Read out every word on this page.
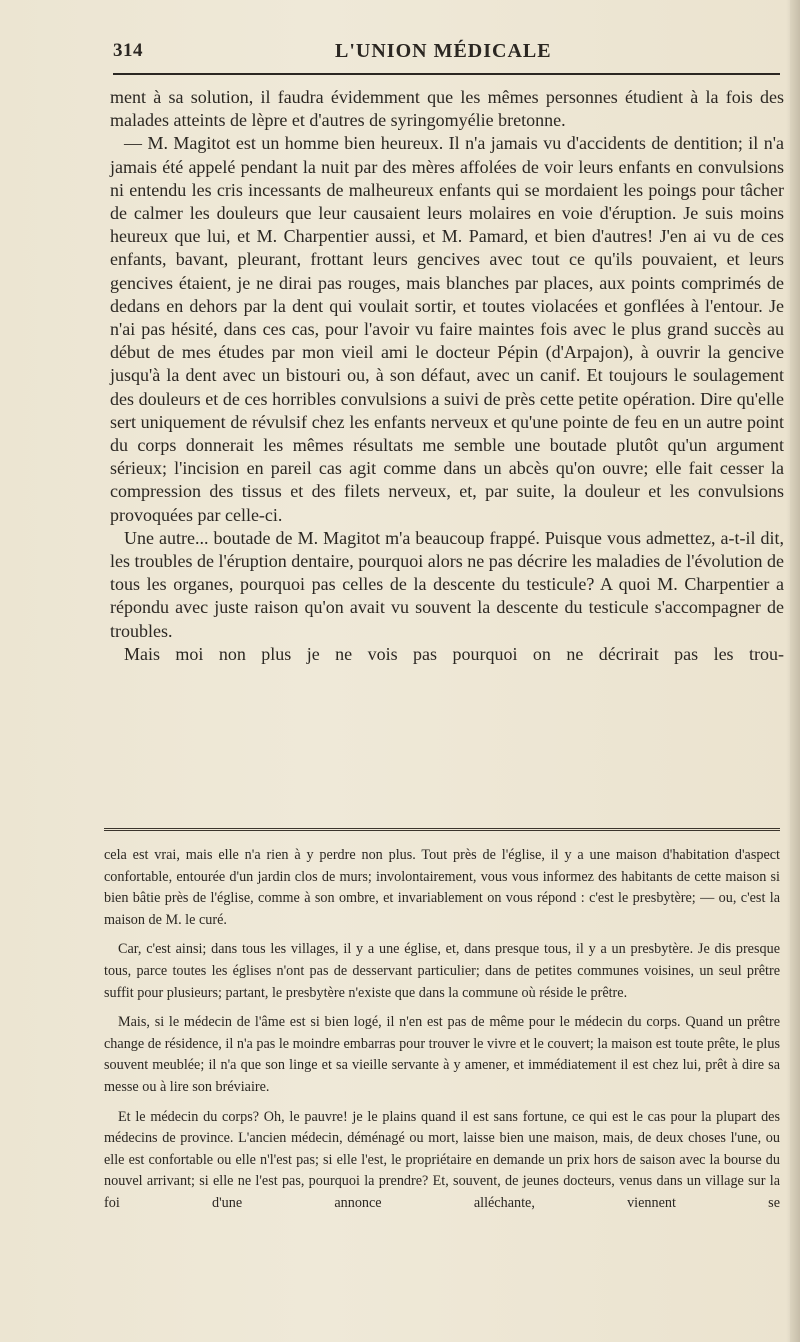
314	L'UNION MÉDICALE

ment à sa solution, il faudra évidemment que les mêmes personnes étudient à la fois des malades atteints de lèpre et d'autres de syringomyélie bretonne.

— M. Magitot est un homme bien heureux. Il n'a jamais vu d'accidents de dentition; il n'a jamais été appelé pendant la nuit par des mères affolées de voir leurs enfants en convulsions ni entendu les cris incessants de malheureux enfants qui se mordaient les poings pour tâcher de calmer les douleurs que leur causaient leurs molaires en voie d'éruption. Je suis moins heureux que lui, et M. Charpentier aussi, et M. Pamard, et bien d'autres! J'en ai vu de ces enfants, bavant, pleurant, frottant leurs gencives avec tout ce qu'ils pouvaient, et leurs gencives étaient, je ne dirai pas rouges, mais blanches par places, aux points comprimés de dedans en dehors par la dent qui voulait sortir, et toutes violacées et gonflées à l'entour. Je n'ai pas hésité, dans ces cas, pour l'avoir vu faire maintes fois avec le plus grand succès au début de mes études par mon vieil ami le docteur Pépin (d'Arpajon), à ouvrir la gencive jusqu'à la dent avec un bistouri ou, à son défaut, avec un canif. Et toujours le soulagement des douleurs et de ces horribles convulsions a suivi de près cette petite opération. Dire qu'elle sert uniquement de révulsif chez les enfants nerveux et qu'une pointe de feu en un autre point du corps donnerait les mêmes résultats me semble une boutade plutôt qu'un argument sérieux; l'incision en pareil cas agit comme dans un abcès qu'on ouvre; elle fait cesser la compression des tissus et des filets nerveux, et, par suite, la douleur et les convulsions provoquées par celle-ci.

Une autre... boutade de M. Magitot m'a beaucoup frappé. Puisque vous admettez, a-t-il dit, les troubles de l'éruption dentaire, pourquoi alors ne pas décrire les maladies de l'évolution de tous les organes, pourquoi pas celles de la descente du testicule? A quoi M. Charpentier a répondu avec juste raison qu'on avait vu souvent la descente du testicule s'accompagner de troubles.

Mais moi non plus je ne vois pas pourquoi on ne décrirait pas les trou-

cela est vrai, mais elle n'a rien à y perdre non plus. Tout près de l'église, il y a une maison d'habitation d'aspect confortable, entourée d'un jardin clos de murs; involontairement, vous vous informez des habitants de cette maison si bien bâtie près de l'église, comme à son ombre, et invariablement on vous répond : c'est le presbytère; — ou, c'est la maison de M. le curé.

Car, c'est ainsi; dans tous les villages, il y a une église, et, dans presque tous, il y a un presbytère. Je dis presque tous, parce toutes les églises n'ont pas de desservant particulier; dans de petites communes voisines, un seul prêtre suffit pour plusieurs; partant, le presbytère n'existe que dans la commune où réside le prêtre.

Mais, si le médecin de l'âme est si bien logé, il n'en est pas de même pour le médecin du corps. Quand un prêtre change de résidence, il n'a pas le moindre embarras pour trouver le vivre et le couvert; la maison est toute prête, le plus souvent meublée; il n'a que son linge et sa vieille servante à y amener, et immédiatement il est chez lui, prêt à dire sa messe ou à lire son bréviaire.

Et le médecin du corps? Oh, le pauvre! je le plains quand il est sans fortune, ce qui est le cas pour la plupart des médecins de province. L'ancien médecin, déménagé ou mort, laisse bien une maison, mais, de deux choses l'une, ou elle est confortable ou elle n'l'est pas; si elle l'est, le propriétaire en demande un prix hors de saison avec la bourse du nouvel arrivant; si elle ne l'est pas, pourquoi la prendre? Et, souvent, de jeunes docteurs, venus dans un village sur la foi d'une annonce alléchante, viennent se
